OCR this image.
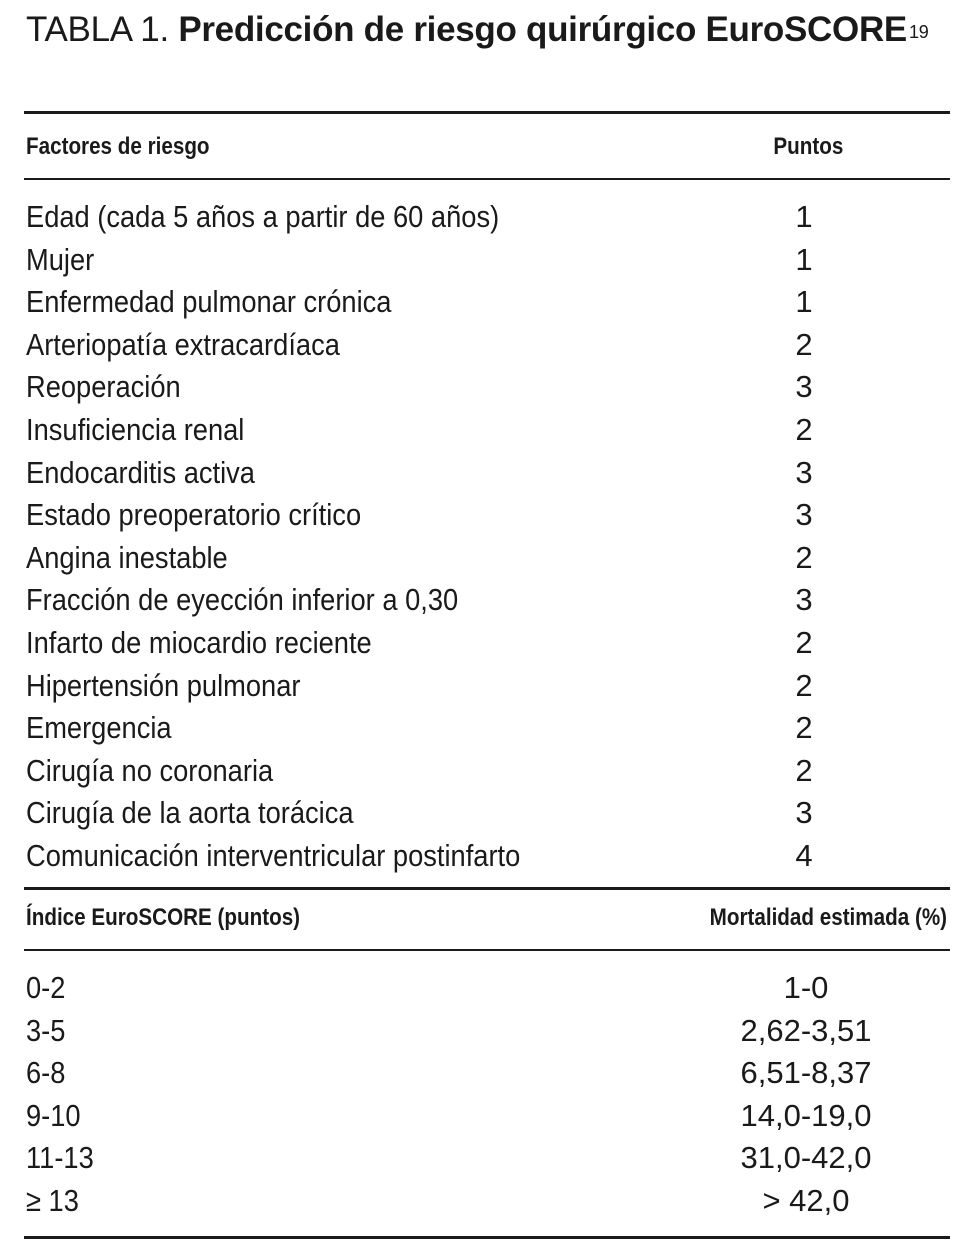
TABLA 1. Predicción de riesgo quirúrgico EuroSCORE $^{19}$
Factores de riesgo	Puntos
Edad (cada 5 años a partir de 60 años)	1
Mujer	1
Enfermedad pulmonar crónica	1
Arteriopatía extracardíaca	2
Reoperación	3
Insuficiencia renal	2
Endocarditis activa	3
Estado preoperatorio crítico	3
Angina inestable	2
Fracción de eyección inferior a 0,30	3
Infarto de miocardio reciente	2
Hipertensión pulmonar	2
Emergencia	2
Cirugía no coronaria	2
Cirugía de la aorta torácica	3
Comunicación interventricular postinfarto	4
Índice EuroSCORE (puntos)	Mortalidad estimada (%)
0-2	1-0
3-5	2,62-3,51
6-8	6,51-8,37
9-10	14,0-19,0
11-13	31,0-42,0
≥ 13	> 42,0
